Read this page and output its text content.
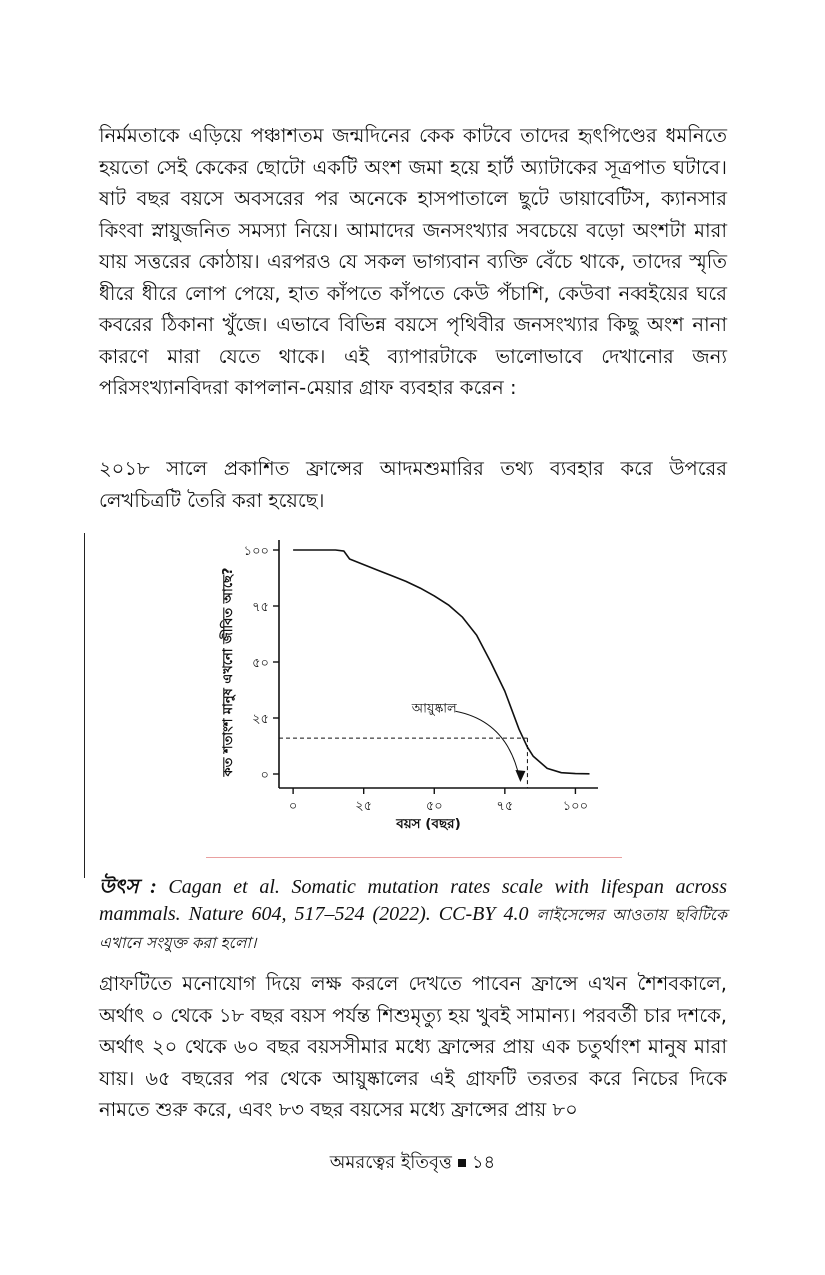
নির্মমতাকে এড়িয়ে পঞ্চাশতম জন্মদিনের কেক কাটবে তাদের হৃৎপিণ্ডের ধমনিতে হয়তো সেই কেকের ছোটো একটি অংশ জমা হয়ে হার্ট অ্যাটাকের সূত্রপাত ঘটাবে। ষাট বছর বয়সে অবসরের পর অনেকে হাসপাতালে ছুটে ডায়াবেটিস, ক্যানসার কিংবা স্নায়ুজনিত সমস্যা নিয়ে। আমাদের জনসংখ্যার সবচেয়ে বড়ো অংশটা মারা যায় সত্তরের কোঠায়। এরপরও যে সকল ভাগ্যবান ব্যক্তি বেঁচে থাকে, তাদের স্মৃতি ধীরে ধীরে লোপ পেয়ে, হাত কাঁপতে কাঁপতে কেউ পঁচাশি, কেউবা নব্বইয়ের ঘরে কবরের ঠিকানা খুঁজে। এভাবে বিভিন্ন বয়সে পৃথিবীর জনসংখ্যার কিছু অংশ নানা কারণে মারা যেতে থাকে। এই ব্যাপারটাকে ভালোভাবে দেখানোর জন্য পরিসংখ্যানবিদরা কাপলান-মেয়ার গ্রাফ ব্যবহার করেন :

২০১৮ সালে প্রকাশিত ফ্রান্সের আদমশুমারির তথ্য ব্যবহার করে উপরের লেখচিত্রটি তৈরি করা হয়েছে।

০
২৫
৫০
৭৫
১০০
০	২৫	৫০	৭৫	১০০
বয়স (বছর)
কত শতাংশ মানুষ এখনো জীবিত আছে?	আয়ুষ্কাল

উৎস : Cagan et al. Somatic mutation rates scale with lifespan across mammals. Nature 604, 517–524 (2022). CC-BY 4.0 লাইসেন্সের আওতায় ছবিটিকে এখানে সংযুক্ত করা হলো।

গ্রাফটিতে মনোযোগ দিয়ে লক্ষ করলে দেখতে পাবেন ফ্রান্সে এখন শৈশবকালে, অর্থাৎ ০ থেকে ১৮ বছর বয়স পর্যন্ত শিশুমৃত্যু হয় খুবই সামান্য। পরবর্তী চার দশকে, অর্থাৎ ২০ থেকে ৬০ বছর বয়সসীমার মধ্যে ফ্রান্সের প্রায় এক চতুর্থাংশ মানুষ মারা যায়। ৬৫ বছরের পর থেকে আয়ুষ্কালের এই গ্রাফটি তরতর করে নিচের দিকে নামতে শুরু করে, এবং ৮৩ বছর বয়সের মধ্যে ফ্রান্সের প্রায় ৮০

অমরত্বের ইতিবৃত্ত ১৪
